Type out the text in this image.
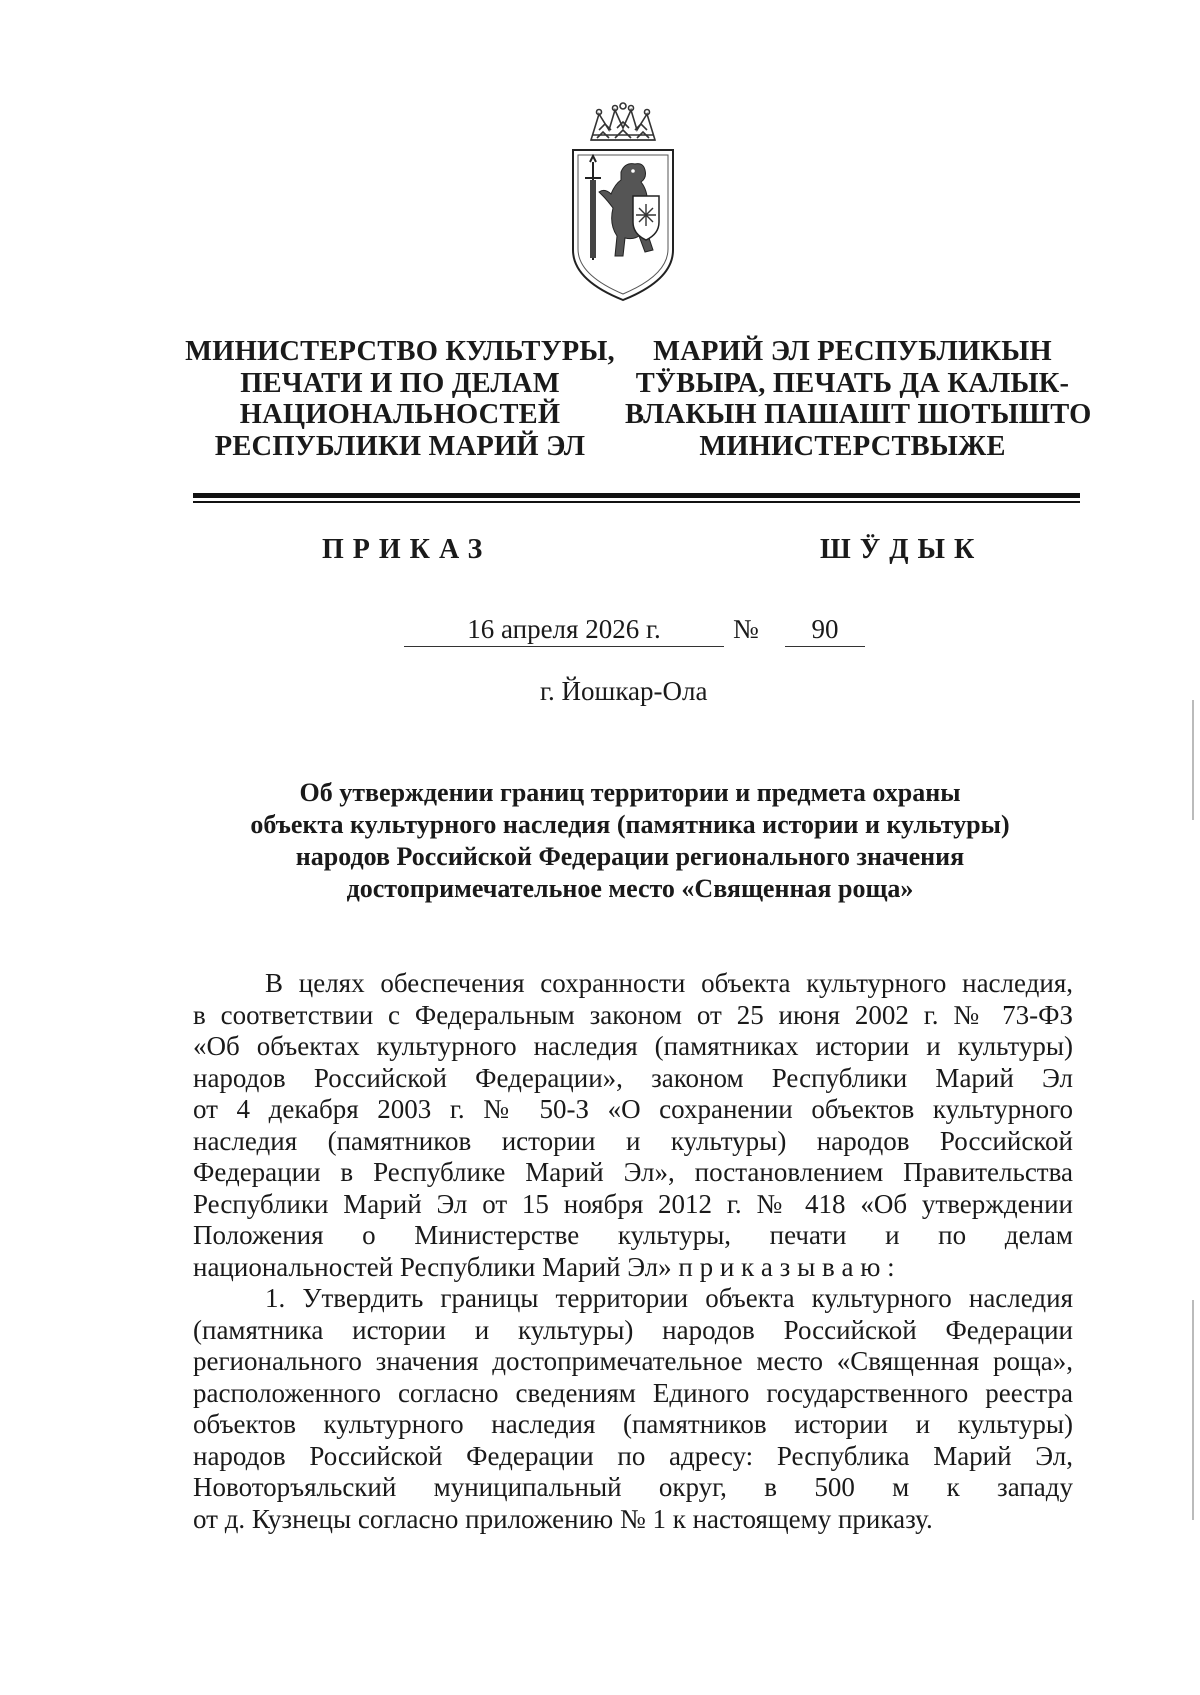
МИНИСТЕРСТВО КУЛЬТУРЫ,
ПЕЧАТИ И ПО ДЕЛАМ
НАЦИОНАЛЬНОСТЕЙ
РЕСПУБЛИКИ МАРИЙ ЭЛ
МАРИЙ ЭЛ РЕСПУБЛИКЫН
ТӰВЫРА, ПЕЧАТЬ ДА КАЛЫК-
ВЛАКЫН ПАШАШТ ШОТЫШТО
МИНИСТЕРСТВЫЖЕ
ПРИКАЗ	ШӰДЫК
16 апреля 2026 г.	№	90
г. Йошкар-Ола
Об утверждении границ территории и предмета охраны
объекта культурного наследия (памятника истории и культуры)
народов Российской Федерации регионального значения
достопримечательное место «Священная роща»
В целях обеспечения сохранности объекта культурного наследия,
в соответствии с Федеральным законом от 25 июня 2002 г. № 73-ФЗ
«Об объектах культурного наследия (памятниках истории и культуры)
народов Российской Федерации», законом Республики Марий Эл
от 4 декабря 2003 г. № 50-З «О сохранении объектов культурного
наследия (памятников истории и культуры) народов Российской
Федерации в Республике Марий Эл», постановлением Правительства
Республики Марий Эл от 15 ноября 2012 г. № 418 «Об утверждении
Положения о Министерстве культуры, печати и по делам
национальностей Республики Марий Эл» п р и к а з ы в а ю :
1. Утвердить границы территории объекта культурного наследия
(памятника истории и культуры) народов Российской Федерации
регионального значения достопримечательное место «Священная роща»,
расположенного согласно сведениям Единого государственного реестра
объектов культурного наследия (памятников истории и культуры)
народов Российской Федерации по адресу: Республика Марий Эл,
Новоторъяльский муниципальный округ, в 500 м к западу
от д. Кузнецы согласно приложению № 1 к настоящему приказу.
